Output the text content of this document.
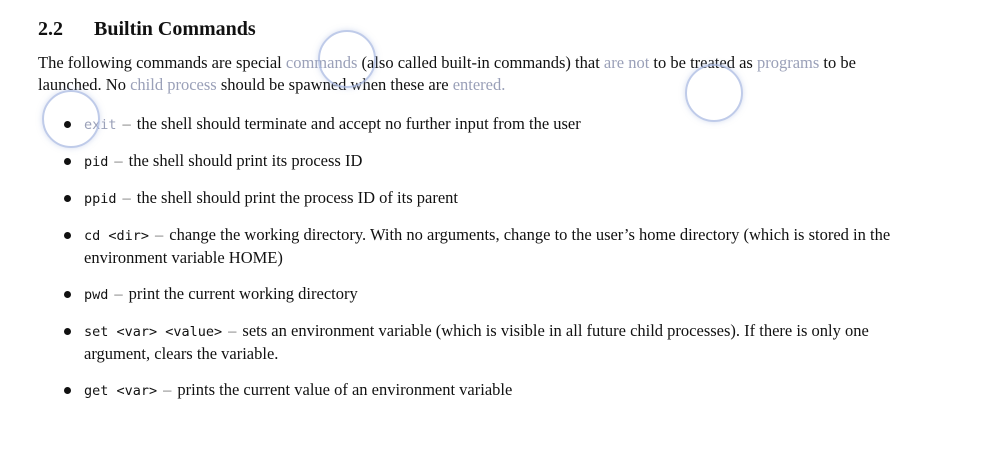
2.2 Builtin Commands

The following commands are special commands (also called built-in commands) that are not to be treated as programs to be launched. No child process should be spawned when these are entered.

exit – the shell should terminate and accept no further input from the user
pid – the shell should print its process ID
ppid – the shell should print the process ID of its parent
cd <dir> – change the working directory. With no arguments, change to the user’s home directory (which is stored in the environment variable HOME)
pwd – print the current working directory
set <var> <value> – sets an environment variable (which is visible in all future child processes). If there is only one argument, clears the variable.
get <var> – prints the current value of an environment variable
